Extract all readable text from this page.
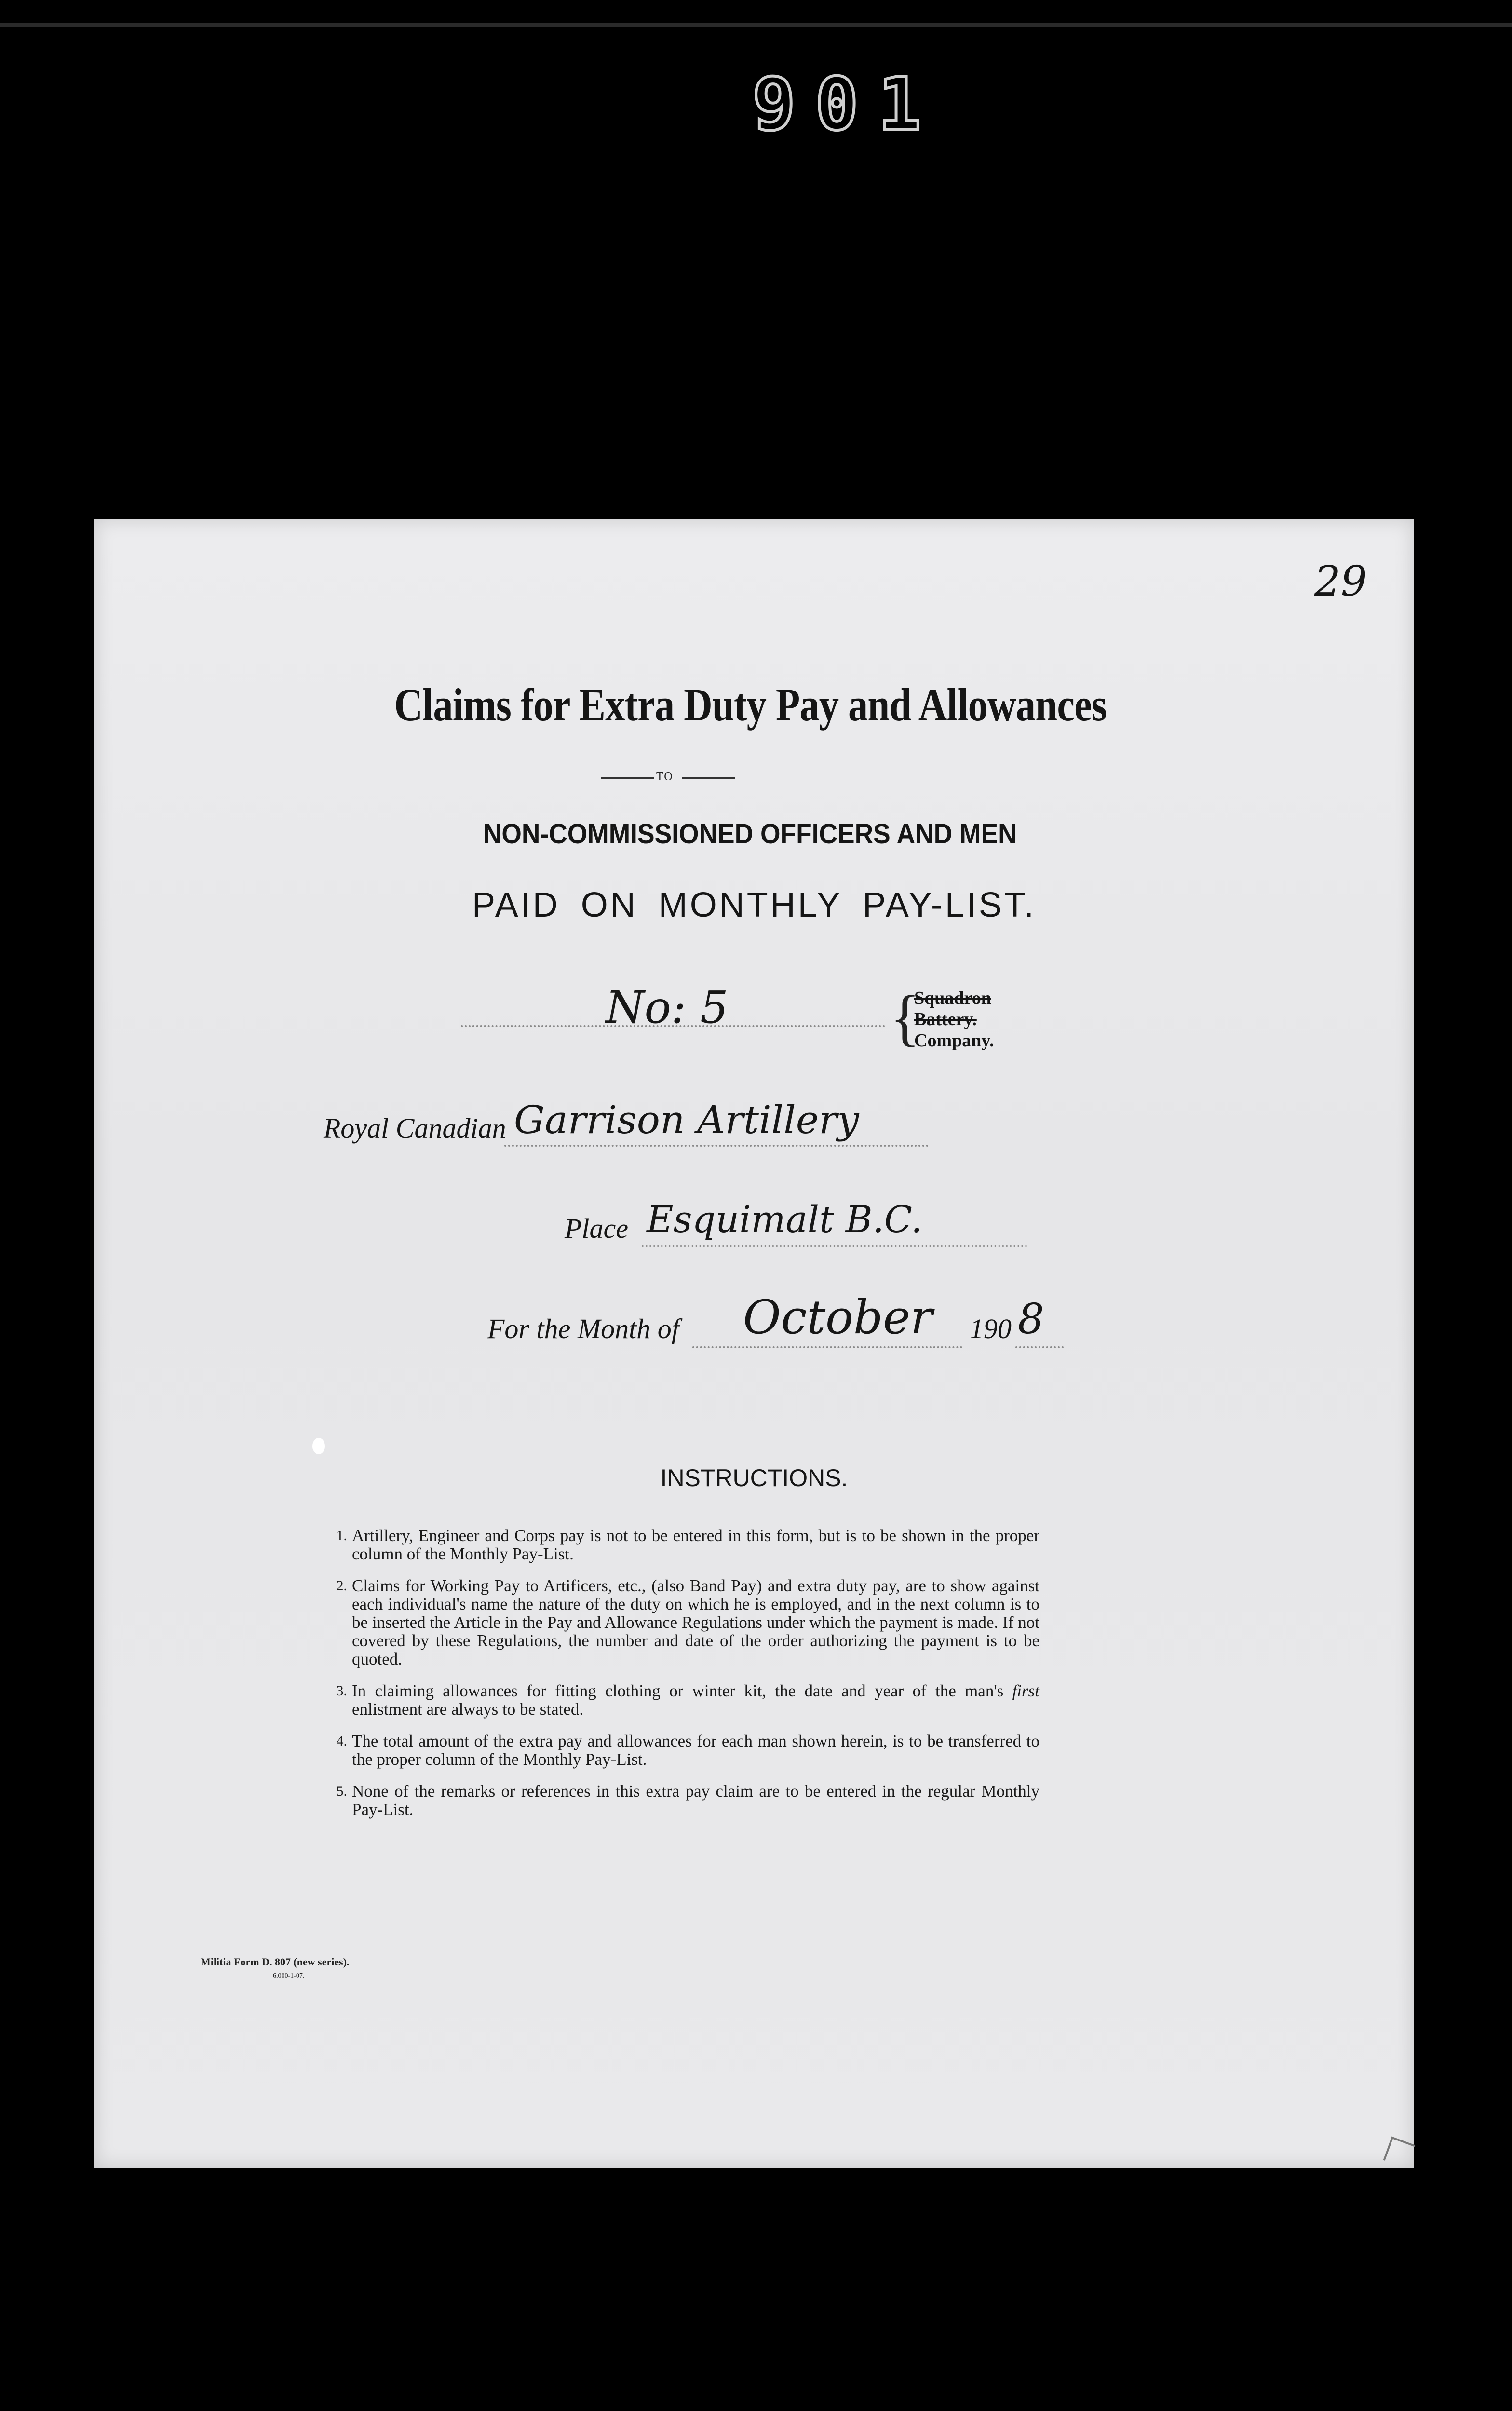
901

29
Claims for Extra Duty Pay and Allowances
TO
NON-COMMISSIONED OFFICERS AND MEN
PAID ON MONTHLY PAY-LIST.
No: 5	{
Squadron
Battery.
Company.
Royal Canadian Garrison Artillery
Place Esquimalt B.C.
For the Month of October 190 8
INSTRUCTIONS.
1. Artillery, Engineer and Corps pay is not to be entered in this form, but is to be shown in the proper column of the Monthly Pay-List.
2. Claims for Working Pay to Artificers, etc., (also Band Pay) and extra duty pay, are to show against each individual's name the nature of the duty on which he is employed, and in the next column is to be inserted the Article in the Pay and Allowance Regulations under which the payment is made. If not covered by these Regulations, the number and date of the order authorizing the payment is to be quoted.
3. In claiming allowances for fitting clothing or winter kit, the date and year of the man's first enlistment are always to be stated.
4. The total amount of the extra pay and allowances for each man shown herein, is to be transferred to the proper column of the Monthly Pay-List.
5. None of the remarks or references in this extra pay claim are to be entered in the regular Monthly Pay-List.
Militia Form D. 807 (new series).
6,000-1-07.
